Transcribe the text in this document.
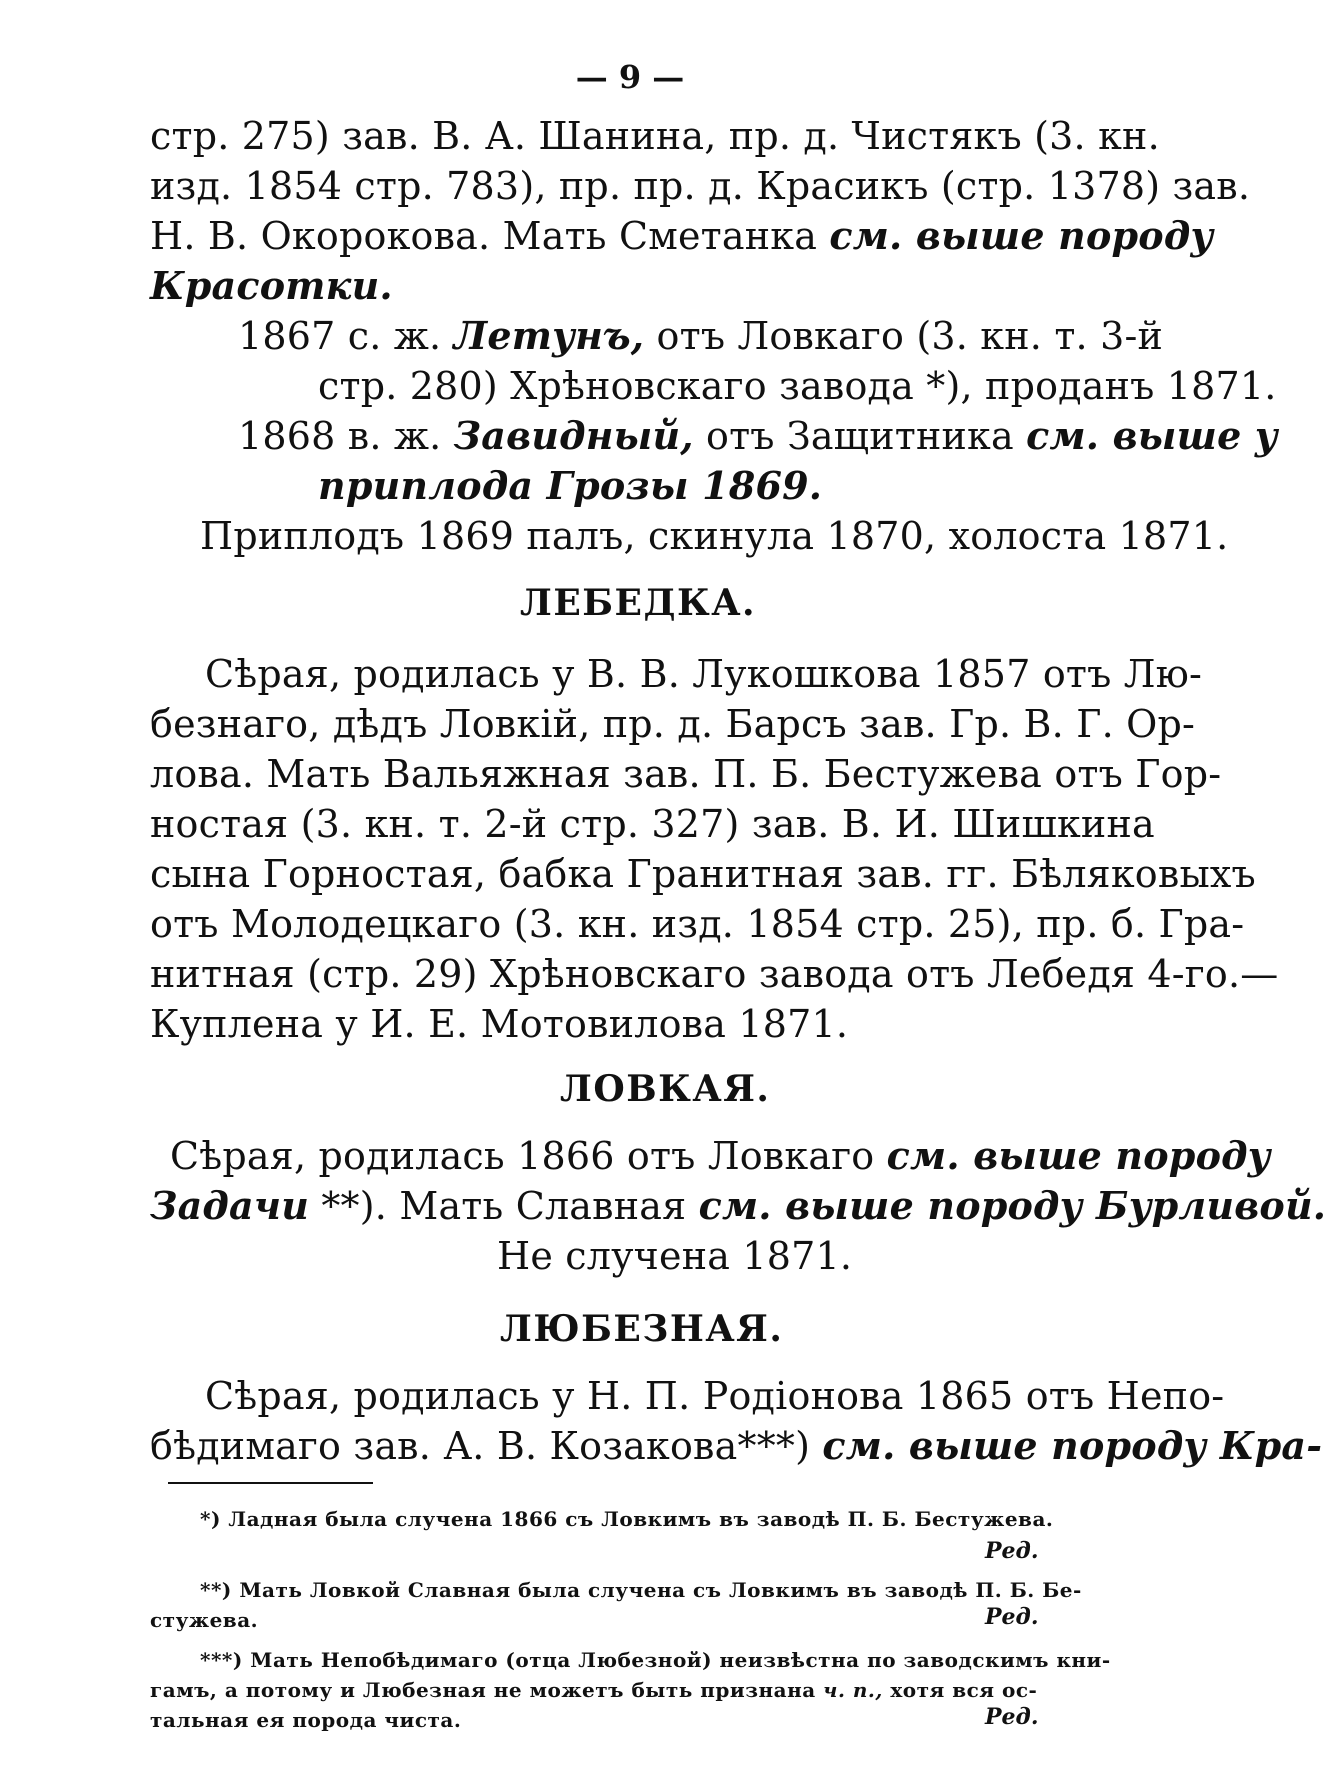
— 9 —
стр. 275) зав. В. А. Шанина, пр. д. Чистякъ (3. кн.
изд. 1854 стр. 783), пр. пр. д. Красикъ (стр. 1378) зав.
Н. В. Окорокова. Мать Сметанка см. выше породу
Красотки.
1867 с. ж. Летунъ, отъ Ловкаго (3. кн. т. 3-й
стр. 280) Хрѣновскаго завода *), проданъ 1871.
1868 в. ж. Завидный, отъ Защитника см. выше у
приплода Грозы 1869.
Приплодъ 1869 палъ, скинула 1870, холоста 1871.
ЛЕБЕДКА.
Сѣрая, родилась у В. В. Лукошкова 1857 отъ Лю-
безнаго, дѣдъ Ловкій, пр. д. Барсъ зав. Гр. В. Г. Ор-
лова. Мать Вальяжная зав. П. Б. Бестужева отъ Гор-
ностая (3. кн. т. 2-й стр. 327) зав. В. И. Шишкина
сына Горностая, бабка Гранитная зав. гг. Бѣляковыхъ
отъ Молодецкаго (3. кн. изд. 1854 стр. 25), пр. б. Гра-
нитная (стр. 29) Хрѣновскаго завода отъ Лебедя 4-го.—
Куплена у И. Е. Мотовилова 1871.
ЛОВКАЯ.
Сѣрая, родилась 1866 отъ Ловкаго см. выше породу
Задачи **). Мать Славная см. выше породу Бурливой.
Не случена 1871.
ЛЮБЕЗНАЯ.
Сѣрая, родилась у Н. П. Родіонова 1865 отъ Непо-
бѣдимаго зав. А. В. Козакова***) см. выше породу Кра-
*) Ладная была случена 1866 съ Ловкимъ въ заводѣ П. Б. Бестужева.
Ред.
**) Мать Ловкой Славная была случена съ Ловкимъ въ заводѣ П. Б. Бе-
стужева.	Ред.
***) Мать Непобѣдимаго (отца Любезной) неизвѣстна по заводскимъ кни-
гамъ, а потому и Любезная не можетъ быть признана ч. п., хотя вся ос-
тальная ея порода чиста.	Ред.
